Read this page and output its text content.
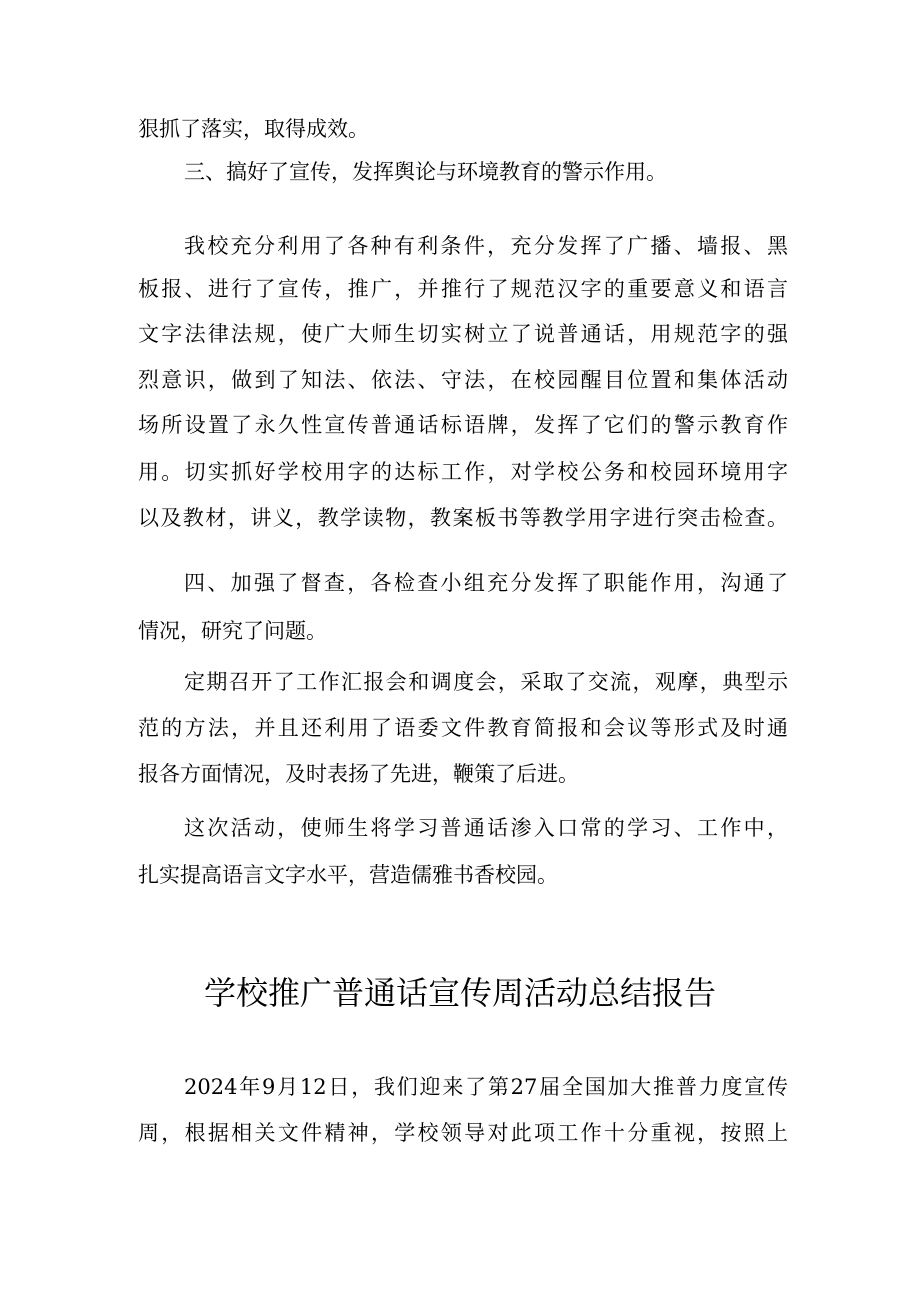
狠抓了落实，取得成效。
三、搞好了宣传，发挥舆论与环境教育的警示作用。
我校充分利用了各种有利条件，充分发挥了广播、墙报、黑
板报、进行了宣传，推广，并推行了规范汉字的重要意义和语言
文字法律法规，使广大师生切实树立了说普通话，用规范字的强
烈意识，做到了知法、依法、守法，在校园醒目位置和集体活动
场所设置了永久性宣传普通话标语牌，发挥了它们的警示教育作
用。切实抓好学校用字的达标工作，对学校公务和校园环境用字
以及教材，讲义，教学读物，教案板书等教学用字进行突击检查。
四、加强了督查，各检查小组充分发挥了职能作用，沟通了
情况，研究了问题。
定期召开了工作汇报会和调度会，采取了交流，观摩，典型示
范的方法，并且还利用了语委文件教育简报和会议等形式及时通
报各方面情况，及时表扬了先进，鞭策了后进。
这次活动，使师生将学习普通话渗入口常的学习、工作中，
扎实提高语言文字水平，营造儒雅书香校园。
学校推广普通话宣传周活动总结报告
2024年9月12日，我们迎来了第27届全国加大推普力度宣传
周，根据相关文件精神，学校领导对此项工作十分重视，按照上
